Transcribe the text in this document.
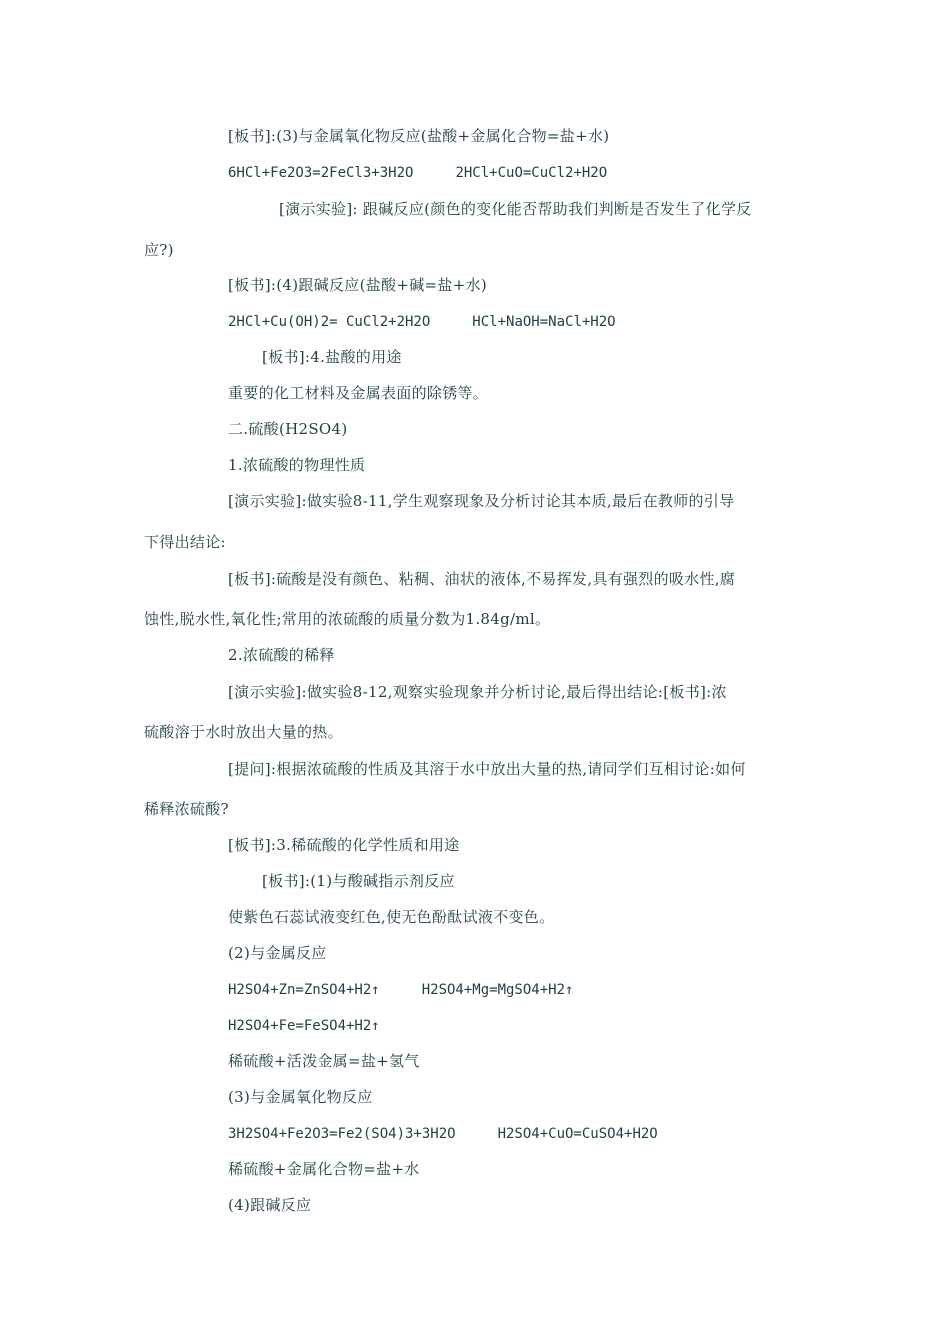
[板书]:(3)与金属氧化物反应(盐酸+金属化合物=盐+水)
6HCl+Fe2O3=2FeCl3+3H2O	2HCl+CuO=CuCl2+H2O
[演示实验]: 跟碱反应(颜色的变化能否帮助我们判断是否发生了化学反
应?)
[板书]:(4)跟碱反应(盐酸+碱=盐+水)
2HCl+Cu(OH)2= CuCl2+2H2O	HCl+NaOH=NaCl+H2O
[板书]:4.盐酸的用途
重要的化工材料及金属表面的除锈等。
二.硫酸(H2SO4)
1.浓硫酸的物理性质
[演示实验]:做实验8-11,学生观察现象及分析讨论其本质,最后在教师的引导
下得出结论:
[板书]:硫酸是没有颜色、粘稠、油状的液体,不易挥发,具有强烈的吸水性,腐
蚀性,脱水性,氧化性;常用的浓硫酸的质量分数为1.84g/ml。
2.浓硫酸的稀释
[演示实验]:做实验8-12,观察实验现象并分析讨论,最后得出结论:[板书]:浓
硫酸溶于水时放出大量的热。
[提问]:根据浓硫酸的性质及其溶于水中放出大量的热,请同学们互相讨论:如何
稀释浓硫酸?
[板书]:3.稀硫酸的化学性质和用途
[板书]:(1)与酸碱指示剂反应
使紫色石蕊试液变红色,使无色酚酞试液不变色。
(2)与金属反应
H2SO4+Zn=ZnSO4+H2↑	H2SO4+Mg=MgSO4+H2↑
H2SO4+Fe=FeSO4+H2↑
稀硫酸+活泼金属=盐+氢气
(3)与金属氧化物反应
3H2SO4+Fe2O3=Fe2(SO4)3+3H2O	H2SO4+CuO=CuSO4+H2O
稀硫酸+金属化合物=盐+水
(4)跟碱反应
